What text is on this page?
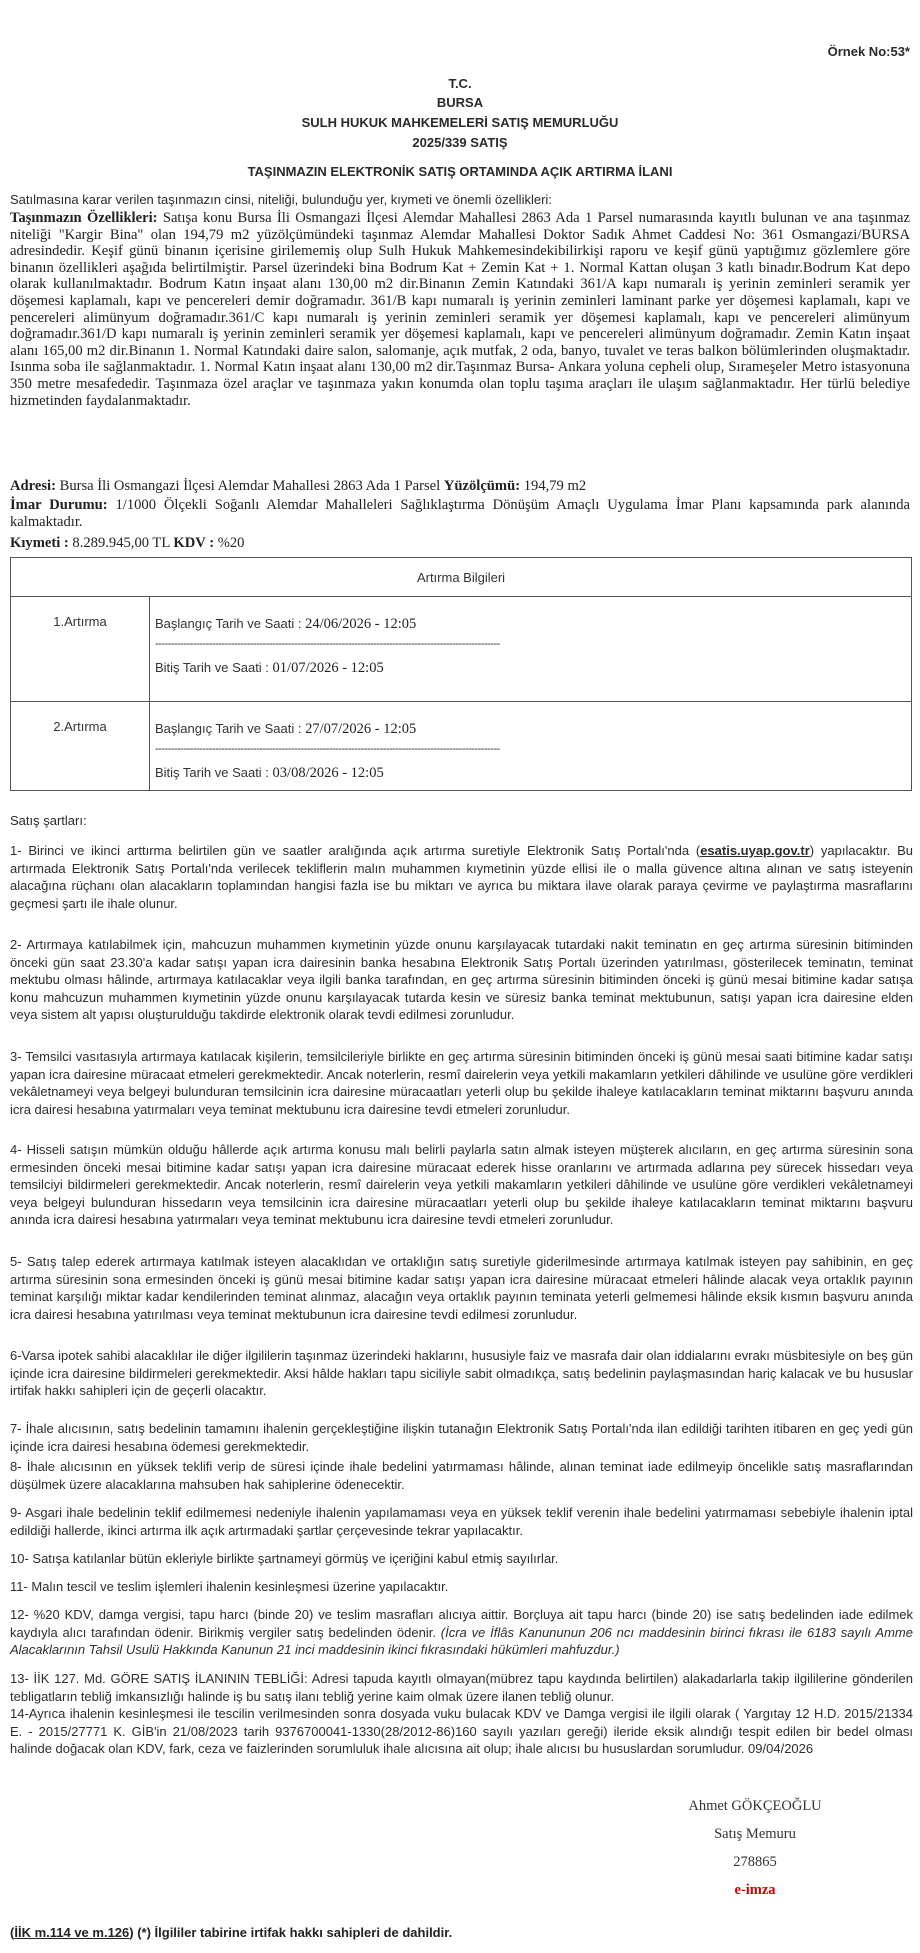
Örnek No:53*
T.C.
BURSA
SULH HUKUK MAHKEMELERİ SATIŞ MEMURLUĞU
2025/339 SATIŞ
TAŞINMAZIN ELEKTRONİK SATIŞ ORTAMINDA AÇIK ARTIRMA İLANI
Satılmasına karar verilen taşınmazın cinsi, niteliği, bulunduğu yer, kıymeti ve önemli özellikleri:
Taşınmazın Özellikleri: Satışa konu Bursa İli Osmangazi İlçesi Alemdar Mahallesi 2863 Ada 1 Parsel numarasında kayıtlı bulunan ve ana taşınmaz niteliği "Kargir Bina" olan 194,79 m2 yüzölçümündeki taşınmaz Alemdar Mahallesi Doktor Sadık Ahmet Caddesi No: 361 Osmangazi/BURSA adresindedir. Keşif günü binanın içerisine girilememiş olup Sulh Hukuk Mahkemesindekibilirkişi raporu ve keşif günü yaptığımız gözlemlere göre binanın özellikleri aşağıda belirtilmiştir. Parsel üzerindeki bina Bodrum Kat + Zemin Kat + 1. Normal Kattan oluşan 3 katlı binadır.Bodrum Kat depo olarak kullanılmaktadır. Bodrum Katın inşaat alanı 130,00 m2 dir.Binanın Zemin Katındaki 361/A kapı numaralı iş yerinin zeminleri seramik yer döşemesi kaplamalı, kapı ve pencereleri demir doğramadır. 361/B kapı numaralı iş yerinin zeminleri laminant parke yer döşemesi kaplamalı, kapı ve pencereleri alimünyum doğramadır.361/C kapı numaralı iş yerinin zeminleri seramik yer döşemesi kaplamalı, kapı ve pencereleri alimünyum doğramadır.361/D kapı numaralı iş yerinin zeminleri seramik yer döşemesi kaplamalı, kapı ve pencereleri alimünyum doğramadır. Zemin Katın inşaat alanı 165,00 m2 dir.Binanın 1. Normal Katındaki daire salon, salomanje, açık mutfak, 2 oda, banyo, tuvalet ve teras balkon bölümlerinden oluşmaktadır. Isınma soba ile sağlanmaktadır. 1. Normal Katın inşaat alanı 130,00 m2 dir.Taşınmaz Bursa- Ankara yoluna cepheli olup, Sırameşeler Metro istasyonuna 350 metre mesafededir. Taşınmaza özel araçlar ve taşınmaza yakın konumda olan toplu taşıma araçları ile ulaşım sağlanmaktadır. Her türlü belediye hizmetinden faydalanmaktadır.
Adresi: Bursa İli Osmangazi İlçesi Alemdar Mahallesi 2863 Ada 1 Parsel Yüzölçümü: 194,79 m2
İmar Durumu: 1/1000 Ölçekli Soğanlı Alemdar Mahalleleri Sağlıklaştırma Dönüşüm Amaçlı Uygulama İmar Planı kapsamında park alanında kalmaktadır.
Kıymeti : 8.289.945,00 TL KDV : %20
Artırma Bilgileri	
1.Artırma	Başlangıç Tarih ve Saati : 24/06/2026 - 12:05
-------------------------------------------------------------------------------------------------------------
Bitiş Tarih ve Saati : 01/07/2026 - 12:05

2.Artırma	Başlangıç Tarih ve Saati : 27/07/2026 - 12:05
-------------------------------------------------------------------------------------------------------------
Bitiş Tarih ve Saati : 03/08/2026 - 12:05
Satış şartları:
1- Birinci ve ikinci arttırma belirtilen gün ve saatler aralığında açık artırma suretiyle Elektronik Satış Portalı'nda (esatis.uyap.gov.tr) yapılacaktır. Bu artırmada Elektronik Satış Portalı'nda verilecek tekliflerin malın muhammen kıymetinin yüzde ellisi ile o malla güvence altına alınan ve satış isteyenin alacağına rüçhanı olan alacakların toplamından hangisi fazla ise bu miktarı ve ayrıca bu miktara ilave olarak paraya çevirme ve paylaştırma masraflarını geçmesi şartı ile ihale olunur.
2- Artırmaya katılabilmek için, mahcuzun muhammen kıymetinin yüzde onunu karşılayacak tutardaki nakit teminatın en geç artırma süresinin bitiminden önceki gün saat 23.30'a kadar satışı yapan icra dairesinin banka hesabına Elektronik Satış Portalı üzerinden yatırılması, gösterilecek teminatın, teminat mektubu olması hâlinde, artırmaya katılacaklar veya ilgili banka tarafından, en geç artırma süresinin bitiminden önceki iş günü mesai bitimine kadar satışa konu mahcuzun muhammen kıymetinin yüzde onunu karşılayacak tutarda kesin ve süresiz banka teminat mektubunun, satışı yapan icra dairesine elden veya sistem alt yapısı oluşturulduğu takdirde elektronik olarak tevdi edilmesi zorunludur.
3- Temsilci vasıtasıyla artırmaya katılacak kişilerin, temsilcileriyle birlikte en geç artırma süresinin bitiminden önceki iş günü mesai saati bitimine kadar satışı yapan icra dairesine müracaat etmeleri gerekmektedir. Ancak noterlerin, resmî dairelerin veya yetkili makamların yetkileri dâhilinde ve usulüne göre verdikleri vekâletnameyi veya belgeyi bulunduran temsilcinin icra dairesine müracaatları yeterli olup bu şekilde ihaleye katılacakların teminat miktarını başvuru anında icra dairesi hesabına yatırmaları veya teminat mektubunu icra dairesine tevdi etmeleri zorunludur.
4- Hisseli satışın mümkün olduğu hâllerde açık artırma konusu malı belirli paylarla satın almak isteyen müşterek alıcıların, en geç artırma süresinin sona ermesinden önceki mesai bitimine kadar satışı yapan icra dairesine müracaat ederek hisse oranlarını ve artırmada adlarına pey sürecek hissedarı veya temsilciyi bildirmeleri gerekmektedir. Ancak noterlerin, resmî dairelerin veya yetkili makamların yetkileri dâhilinde ve usulüne göre verdikleri vekâletnameyi veya belgeyi bulunduran hissedarın veya temsilcinin icra dairesine müracaatları yeterli olup bu şekilde ihaleye katılacakların teminat miktarını başvuru anında icra dairesi hesabına yatırmaları veya teminat mektubunu icra dairesine tevdi etmeleri zorunludur.
5- Satış talep ederek artırmaya katılmak isteyen alacaklıdan ve ortaklığın satış suretiyle giderilmesinde artırmaya katılmak isteyen pay sahibinin, en geç artırma süresinin sona ermesinden önceki iş günü mesai bitimine kadar satışı yapan icra dairesine müracaat etmeleri hâlinde alacak veya ortaklık payının teminat karşılığı miktar kadar kendilerinden teminat alınmaz, alacağın veya ortaklık payının teminata yeterli gelmemesi hâlinde eksik kısmın başvuru anında icra dairesi hesabına yatırılması veya teminat mektubunun icra dairesine tevdi edilmesi zorunludur.
6-Varsa ipotek sahibi alacaklılar ile diğer ilgililerin taşınmaz üzerindeki haklarını, hususiyle faiz ve masrafa dair olan iddialarını evrakı müsbitesiyle on beş gün içinde icra dairesine bildirmeleri gerekmektedir. Aksi hâlde hakları tapu siciliyle sabit olmadıkça, satış bedelinin paylaşmasından hariç kalacak ve bu hususlar irtifak hakkı sahipleri için de geçerli olacaktır.
7- İhale alıcısının, satış bedelinin tamamını ihalenin gerçekleştiğine ilişkin tutanağın Elektronik Satış Portalı'nda ilan edildiği tarihten itibaren en geç yedi gün içinde icra dairesi hesabına ödemesi gerekmektedir.
8- İhale alıcısının en yüksek teklifi verip de süresi içinde ihale bedelini yatırmaması hâlinde, alınan teminat iade edilmeyip öncelikle satış masraflarından düşülmek üzere alacaklarına mahsuben hak sahiplerine ödenecektir.
9- Asgari ihale bedelinin teklif edilmemesi nedeniyle ihalenin yapılamaması veya en yüksek teklif verenin ihale bedelini yatırmaması sebebiyle ihalenin iptal edildiği hallerde, ikinci artırma ilk açık artırmadaki şartlar çerçevesinde tekrar yapılacaktır.
10- Satışa katılanlar bütün ekleriyle birlikte şartnameyi görmüş ve içeriğini kabul etmiş sayılırlar.
11- Malın tescil ve teslim işlemleri ihalenin kesinleşmesi üzerine yapılacaktır.
12- %20 KDV, damga vergisi, tapu harcı (binde 20) ve teslim masrafları alıcıya aittir. Borçluya ait tapu harcı (binde 20) ise satış bedelinden iade edilmek kaydıyla alıcı tarafından ödenir. Birikmiş vergiler satış bedelinden ödenir. (İcra ve İflâs Kanununun 206 ncı maddesinin birinci fıkrası ile 6183 sayılı Amme Alacaklarının Tahsil Usulü Hakkında Kanunun 21 inci maddesinin ikinci fıkrasındaki hükümleri mahfuzdur.)
13- İİK 127. Md. GÖRE SATIŞ İLANININ TEBLİĞİ: Adresi tapuda kayıtlı olmayan(mübrez tapu kaydında belirtilen) alakadarlarla takip ilgililerine gönderilen tebligatların tebliğ imkansızlığı halinde iş bu satış ilanı tebliğ yerine kaim olmak üzere ilanen tebliğ olunur.
14-Ayrıca ihalenin kesinleşmesi ile tescilin verilmesinden sonra dosyada vuku bulacak KDV ve Damga vergisi ile ilgili olarak ( Yargıtay 12 H.D. 2015/21334 E. - 2015/27771 K. GİB'in 21/08/2023 tarih 9376700041-1330(28/2012-86)160 sayılı yazıları gereği) ileride eksik alındığı tespit edilen bir bedel olması halinde doğacak olan KDV, fark, ceza ve faizlerinden sorumluluk ihale alıcısına ait olup; ihale alıcısı bu hususlardan sorumludur. 09/04/2026
Ahmet GÖKÇEOĞLU
Satış Memuru
278865
e-imza
(İİK m.114 ve m.126) (*) İlgililer tabirine irtifak hakkı sahipleri de dahildir.
